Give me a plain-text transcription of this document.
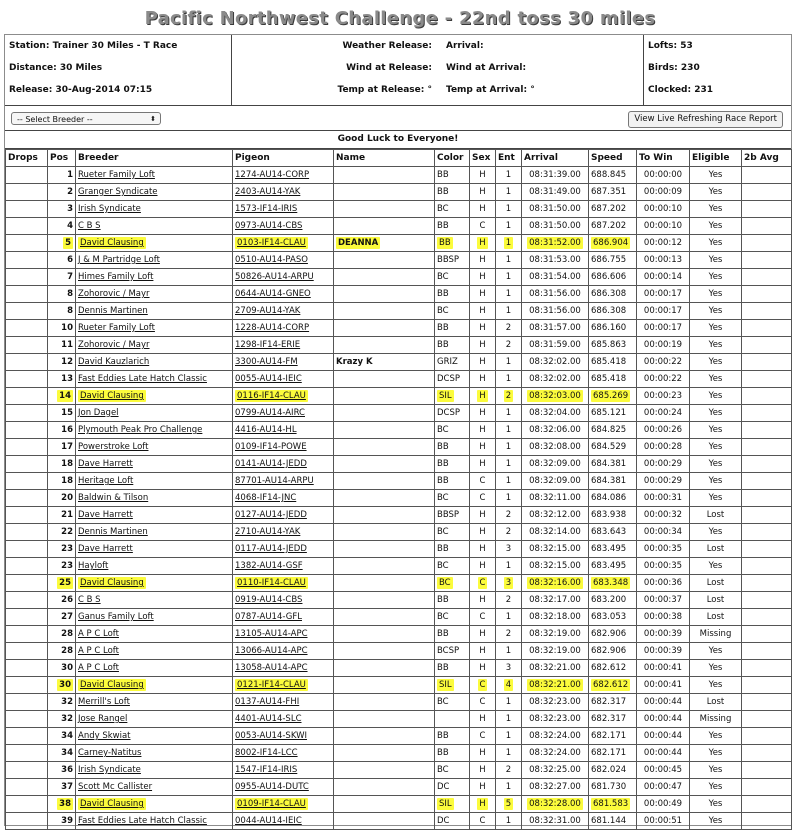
Pacific Northwest Challenge - 22nd toss 30 miles
Station: Trainer 30 Miles - T Race
Distance: 30 Miles
Release: 30-Aug-2014 07:15
Weather Release: Arrival:
Wind at Release: Wind at Arrival:
Temp at Release: ° Temp at Arrival: °
Lofts: 53
Birds: 230
Clocked: 231
-- Select Breeder --	⬍	View Live Refreshing Race Report
Good Luck to Everyone!
Drops	Pos	Breeder	Pigeon	Name	Color	Sex	Ent	Arrival	Speed	To Win	Eligible	2b Avg
	1	Rueter Family Loft	1274-AU14-CORP		BB	H	1	08:31:39.00	688.845	00:00:00	Yes	
	2	Granger Syndicate	2403-AU14-YAK		BB	H	1	08:31:49.00	687.351	00:00:09	Yes	
	3	Irish Syndicate	1573-IF14-IRIS		BC	H	1	08:31:50.00	687.202	00:00:10	Yes	
	4	C B S	0973-AU14-CBS		BB	C	1	08:31:50.00	687.202	00:00:10	Yes	
	5	David Clausing	0103-IF14-CLAU	DEANNA	BB	H	1	08:31:52.00	686.904	00:00:12	Yes	
	6	J & M Partridge Loft	0510-AU14-PASO		BBSP	H	1	08:31:53.00	686.755	00:00:13	Yes	
	7	Himes Family Loft	50826-AU14-ARPU		BC	H	1	08:31:54.00	686.606	00:00:14	Yes	
	8	Zohorovic / Mayr	0644-AU14-GNEO		BB	H	1	08:31:56.00	686.308	00:00:17	Yes	
	8	Dennis Martinen	2709-AU14-YAK		BC	H	1	08:31:56.00	686.308	00:00:17	Yes	
	10	Rueter Family Loft	1228-AU14-CORP		BB	H	2	08:31:57.00	686.160	00:00:17	Yes	
	11	Zohorovic / Mayr	1298-IF14-ERIE		BB	H	2	08:31:59.00	685.863	00:00:19	Yes	
	12	David Kauzlarich	3300-AU14-FM	Krazy K	GRIZ	H	1	08:32:02.00	685.418	00:00:22	Yes	
	13	Fast Eddies Late Hatch Classic	0055-AU14-IEIC		DCSP	H	1	08:32:02.00	685.418	00:00:22	Yes	
	14	David Clausing	0116-IF14-CLAU		SIL	H	2	08:32:03.00	685.269	00:00:23	Yes	
	15	Jon Dagel	0799-AU14-AIRC		DCSP	H	1	08:32:04.00	685.121	00:00:24	Yes	
	16	Plymouth Peak Pro Challenge	4416-AU14-HL		BC	H	1	08:32:06.00	684.825	00:00:26	Yes	
	17	Powerstroke Loft	0109-IF14-POWE		BB	H	1	08:32:08.00	684.529	00:00:28	Yes	
	18	Dave Harrett	0141-AU14-JEDD		BB	H	1	08:32:09.00	684.381	00:00:29	Yes	
	18	Heritage Loft	87701-AU14-ARPU		BB	C	1	08:32:09.00	684.381	00:00:29	Yes	
	20	Baldwin & Tilson	4068-IF14-JNC		BC	C	1	08:32:11.00	684.086	00:00:31	Yes	
	21	Dave Harrett	0127-AU14-JEDD		BBSP	H	2	08:32:12.00	683.938	00:00:32	Lost	
	22	Dennis Martinen	2710-AU14-YAK		BC	H	2	08:32:14.00	683.643	00:00:34	Yes	
	23	Dave Harrett	0117-AU14-JEDD		BB	H	3	08:32:15.00	683.495	00:00:35	Lost	
	23	Hayloft	1382-AU14-GSF		BC	H	1	08:32:15.00	683.495	00:00:35	Yes	
	25	David Clausing	0110-IF14-CLAU		BC	C	3	08:32:16.00	683.348	00:00:36	Lost	
	26	C B S	0919-AU14-CBS		BB	H	2	08:32:17.00	683.200	00:00:37	Lost	
	27	Ganus Family Loft	0787-AU14-GFL		BC	C	1	08:32:18.00	683.053	00:00:38	Lost	
	28	A P C Loft	13105-AU14-APC		BB	H	2	08:32:19.00	682.906	00:00:39	Missing	
	28	A P C Loft	13066-AU14-APC		BCSP	H	1	08:32:19.00	682.906	00:00:39	Yes	
	30	A P C Loft	13058-AU14-APC		BB	H	3	08:32:21.00	682.612	00:00:41	Yes	
	30	David Clausing	0121-IF14-CLAU		SIL	C	4	08:32:21.00	682.612	00:00:41	Yes	
	32	Merrill's Loft	0137-AU14-FHI		BC	C	1	08:32:23.00	682.317	00:00:44	Lost	
	32	Jose Rangel	4401-AU14-SLC			H	1	08:32:23.00	682.317	00:00:44	Missing	
	34	Andy Skwiat	0053-AU14-SKWI		BB	C	1	08:32:24.00	682.171	00:00:44	Yes	
	34	Carney-Natitus	8002-IF14-LCC		BB	H	1	08:32:24.00	682.171	00:00:44	Yes	
	36	Irish Syndicate	1547-IF14-IRIS		BC	H	2	08:32:25.00	682.024	00:00:45	Yes	
	37	Scott Mc Callister	0955-AU14-DUTC		DC	H	1	08:32:27.00	681.730	00:00:47	Yes	
	38	David Clausing	0109-IF14-CLAU		SIL	H	5	08:32:28.00	681.583	00:00:49	Yes	
	39	Fast Eddies Late Hatch Classic	0044-AU14-IEIC		DC	C	1	08:32:31.00	681.144	00:00:51	Yes	
